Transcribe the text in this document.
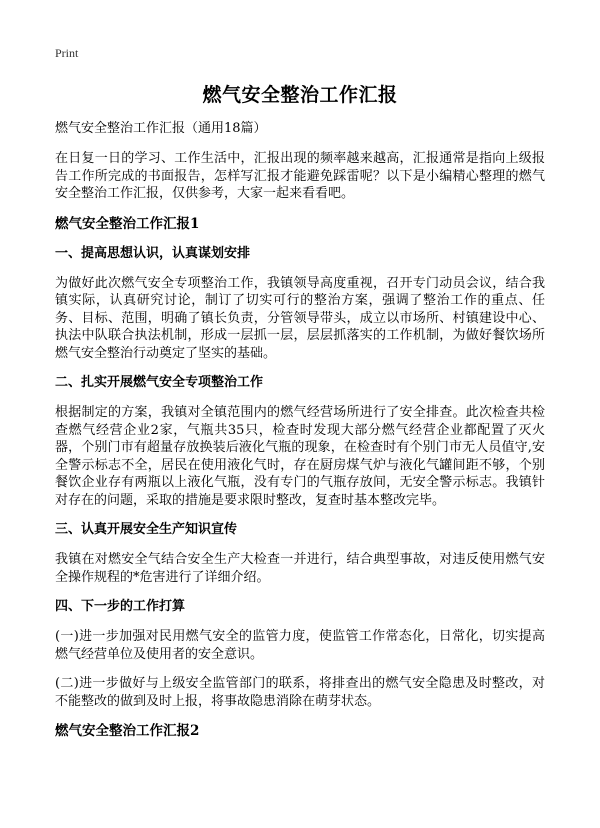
Print
燃气安全整治工作汇报
燃气安全整治工作汇报（通用18篇）

在日复一日的学习、工作生活中，汇报出现的频率越来越高，汇报通常是指向上级报告工作所完成的书面报告，怎样写汇报才能避免踩雷呢？以下是小编精心整理的燃气安全整治工作汇报，仅供参考，大家一起来看看吧。

燃气安全整治工作汇报1
一、提高思想认识，认真谋划安排

为做好此次燃气安全专项整治工作，我镇领导高度重视，召开专门动员会议，结合我镇实际，认真研究讨论，制订了切实可行的整治方案，强调了整治工作的重点、任务、目标、范围，明确了镇长负责，分管领导带头，成立以市场所、村镇建设中心、执法中队联合执法机制，形成一层抓一层，层层抓落实的工作机制，为做好餐饮场所燃气安全整治行动奠定了坚实的基础。

二、扎实开展燃气安全专项整治工作

根据制定的方案，我镇对全镇范围内的燃气经营场所进行了安全排查。此次检查共检查燃气经营企业2家，气瓶共35只，检查时发现大部分燃气经营企业都配置了灭火器，个别门市有超量存放换装后液化气瓶的现象，在检查时有个别门市无人员值守,安全警示标志不全，居民在使用液化气时，存在厨房煤气炉与液化气罐间距不够，个别餐饮企业存有两瓶以上液化气瓶，没有专门的气瓶存放间，无安全警示标志。我镇针对存在的问题，采取的措施是要求限时整改，复查时基本整改完毕。

三、认真开展安全生产知识宣传

我镇在对燃安全气结合安全生产大检查一并进行，结合典型事故，对违反使用燃气安全操作规程的*危害进行了详细介绍。

四、下一步的工作打算

(一)进一步加强对民用燃气安全的监管力度，使监管工作常态化，日常化，切实提高燃气经营单位及使用者的安全意识。

(二)进一步做好与上级安全监管部门的联系，将排查出的燃气安全隐患及时整改，对不能整改的做到及时上报，将事故隐患消除在萌芽状态。

燃气安全整治工作汇报2
